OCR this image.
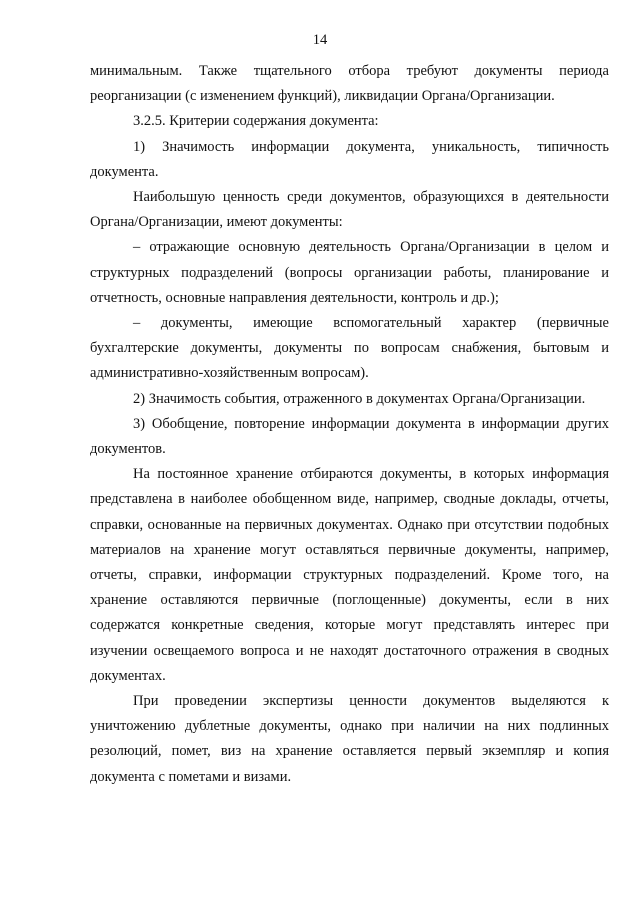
14

минимальным. Также тщательного отбора требуют документы периода реорганизации (с изменением функций), ликвидации Органа/Организации.

3.2.5. Критерии содержания документа:

1) Значимость информации документа, уникальность, типичность документа.

Наибольшую ценность среди документов, образующихся в деятельности Органа/Организации, имеют документы:

– отражающие основную деятельность Органа/Организации в целом и структурных подразделений (вопросы организации работы, планирование и отчетность, основные направления деятельности, контроль и др.);

– документы, имеющие вспомогательный характер (первичные бухгалтерские документы, документы по вопросам снабжения, бытовым и административно-хозяйственным вопросам).

2) Значимость события, отраженного в документах Органа/Организации.

3) Обобщение, повторение информации документа в информации других документов.

На постоянное хранение отбираются документы, в которых информация представлена в наиболее обобщенном виде, например, сводные доклады, отчеты, справки, основанные на первичных документах. Однако при отсутствии подобных материалов на хранение могут оставляться первичные документы, например, отчеты, справки, информации структурных подразделений. Кроме того, на хранение оставляются первичные (поглощенные) документы, если в них содержатся конкретные сведения, которые могут представлять интерес при изучении освещаемого вопроса и не находят достаточного отражения в сводных документах.

При проведении экспертизы ценности документов выделяются к уничтожению дублетные документы, однако при наличии на них подлинных резолюций, помет, виз на хранение оставляется первый экземпляр и копия документа с пометами и визами.
